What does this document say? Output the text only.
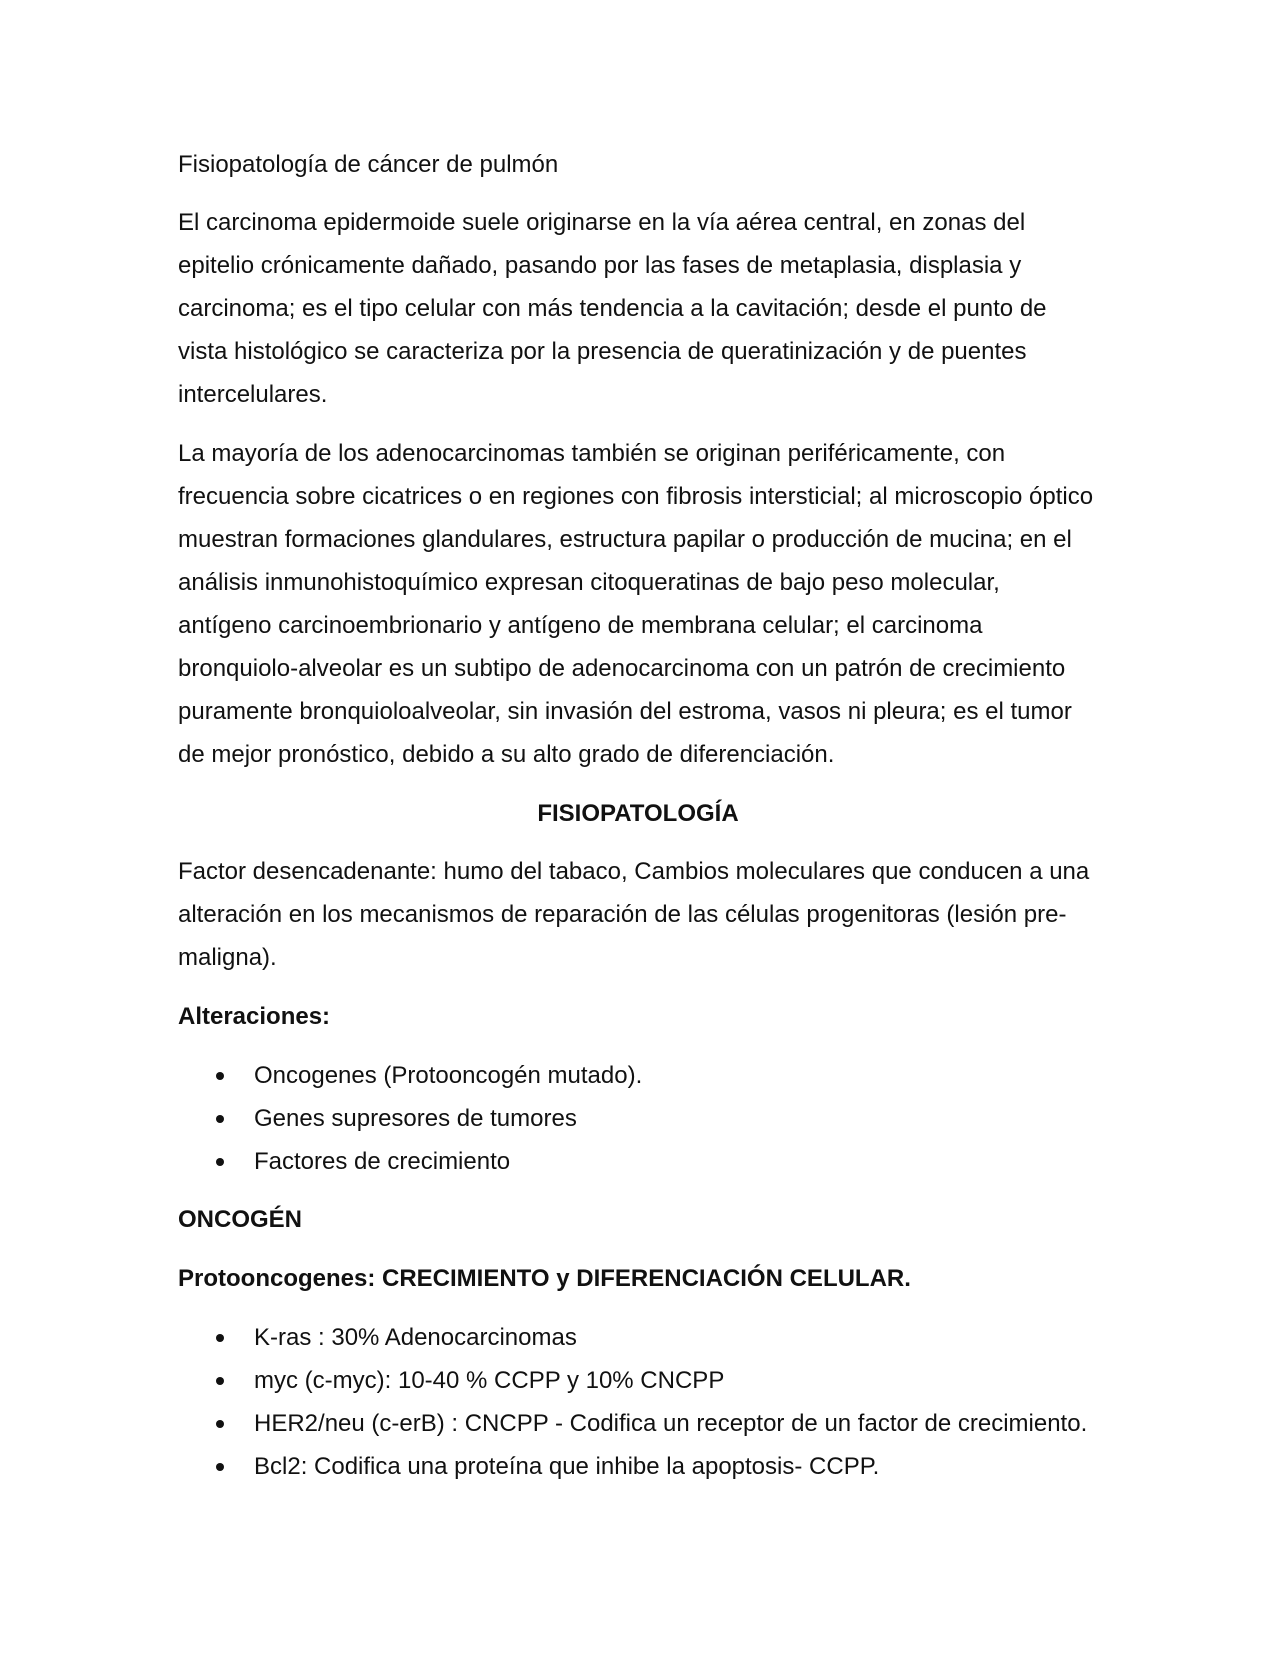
Fisiopatología de cáncer de pulmón

El carcinoma epidermoide suele originarse en la vía aérea central, en zonas del epitelio crónicamente dañado, pasando por las fases de metaplasia, displasia y carcinoma; es el tipo celular con más tendencia a la cavitación; desde el punto de vista histológico se caracteriza por la presencia de queratinización y de puentes intercelulares.

La mayoría de los adenocarcinomas también se originan periféricamente, con frecuencia sobre cicatrices o en regiones con fibrosis intersticial; al microscopio óptico muestran formaciones glandulares, estructura papilar o producción de mucina; en el análisis inmunohistoquímico expresan citoqueratinas de bajo peso molecular, antígeno carcinoembrionario y antígeno de membrana celular; el carcinoma bronquiolo-alveolar es un subtipo de adenocarcinoma con un patrón de crecimiento puramente bronquioloalveolar, sin invasión del estroma, vasos ni pleura; es el tumor de mejor pronóstico, debido a su alto grado de diferenciación.

FISIOPATOLOGÍA

Factor desencadenante: humo del tabaco, Cambios moleculares que conducen a una alteración en los mecanismos de reparación de las células progenitoras (lesión pre-maligna).

Alteraciones:

Oncogenes (Protooncogén mutado).
Genes supresores de tumores
Factores de crecimiento

ONCOGÉN

Protooncogenes: CRECIMIENTO y DIFERENCIACIÓN CELULAR.

K-ras : 30% Adenocarcinomas
myc (c-myc): 10-40 % CCPP y 10% CNCPP
HER2/neu (c-erB) : CNCPP - Codifica un receptor de un factor de crecimiento.
Bcl2: Codifica una proteína que inhibe la apoptosis- CCPP.
